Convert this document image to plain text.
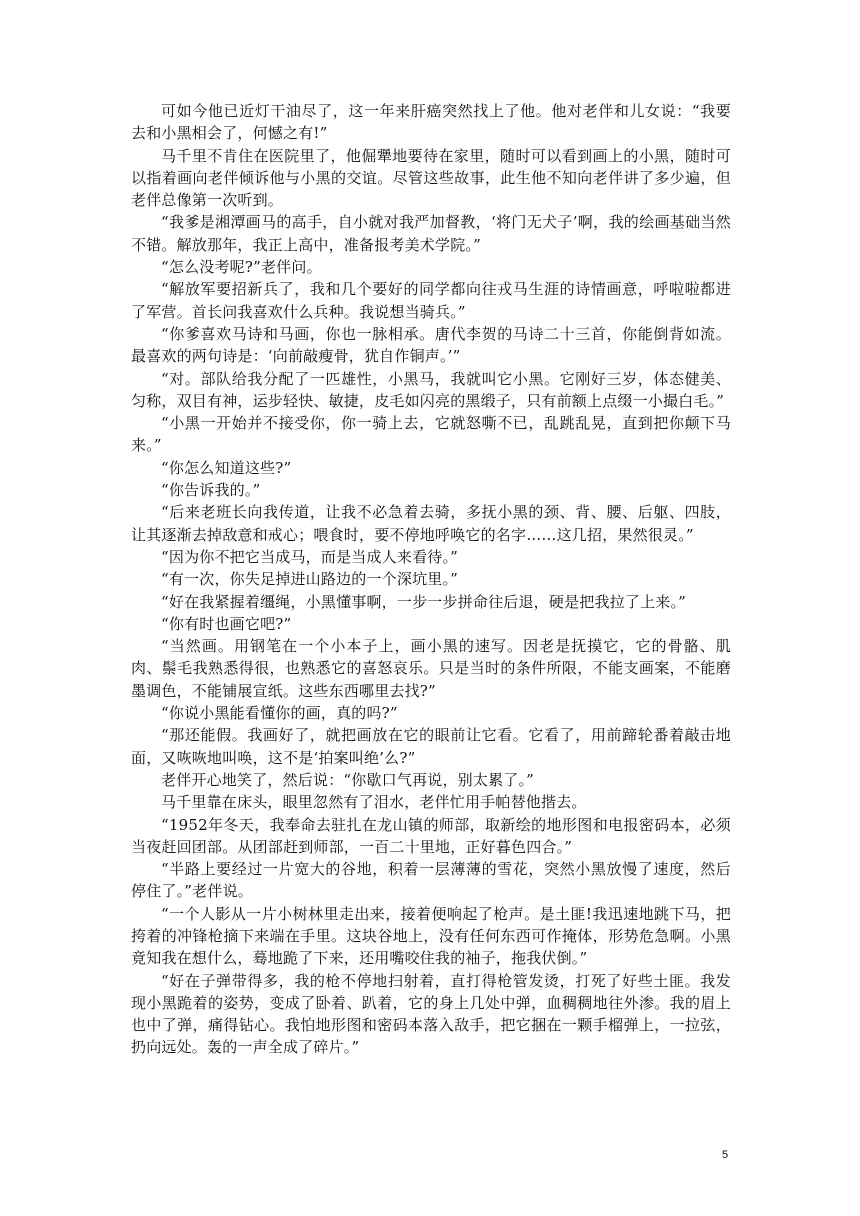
可如今他已近灯干油尽了，这一年来肝癌突然找上了他。他对老伴和儿女说：“我要去和小黑相会了，何憾之有!”

马千里不肯住在医院里了，他倔犟地要待在家里，随时可以看到画上的小黑，随时可以指着画向老伴倾诉他与小黑的交谊。尽管这些故事，此生他不知向老伴讲了多少遍，但老伴总像第一次听到。

“我爹是湘潭画马的高手，自小就对我严加督教，‘将门无犬子’啊，我的绘画基础当然不错。解放那年，我正上高中，准备报考美术学院。”

“怎么没考呢?”老伴问。

“解放军要招新兵了，我和几个要好的同学都向往戎马生涯的诗情画意，呼啦啦都进了军营。首长问我喜欢什么兵种。我说想当骑兵。”

“你爹喜欢马诗和马画，你也一脉相承。唐代李贺的马诗二十三首，你能倒背如流。最喜欢的两句诗是：‘向前敲瘦骨，犹自作铜声。’”

“对。部队给我分配了一匹雄性，小黑马，我就叫它小黑。它刚好三岁，体态健美、匀称，双目有神，运步轻快、敏捷，皮毛如闪亮的黑缎子，只有前额上点缀一小撮白毛。”

“小黑一开始并不接受你，你一骑上去，它就怒嘶不已，乱跳乱晃，直到把你颠下马来。”

“你怎么知道这些?”

“你告诉我的。”

“后来老班长向我传道，让我不必急着去骑，多抚小黑的颈、背、腰、后躯、四肢，让其逐渐去掉敌意和戒心；喂食时，要不停地呼唤它的名字……这几招，果然很灵。”

“因为你不把它当成马，而是当成人来看待。”

“有一次，你失足掉进山路边的一个深坑里。”

“好在我紧握着缰绳，小黑懂事啊，一步一步拼命往后退，硬是把我拉了上来。”

“你有时也画它吧?”

“当然画。用钢笔在一个小本子上，画小黑的速写。因老是抚摸它，它的骨骼、肌肉、鬃毛我熟悉得很，也熟悉它的喜怒哀乐。只是当时的条件所限，不能支画案，不能磨墨调色，不能铺展宣纸。这些东西哪里去找?”

“你说小黑能看懂你的画，真的吗?”

“那还能假。我画好了，就把画放在它的眼前让它看。它看了，用前蹄轮番着敲击地面，又咴咴地叫唤，这不是‘拍案叫绝’么?”

老伴开心地笑了，然后说：“你歇口气再说，别太累了。”

马千里靠在床头，眼里忽然有了泪水，老伴忙用手帕替他揩去。

“1952年冬天，我奉命去驻扎在龙山镇的师部，取新绘的地形图和电报密码本，必须当夜赶回团部。从团部赶到师部，一百二十里地，正好暮色四合。”

“半路上要经过一片宽大的谷地，积着一层薄薄的雪花，突然小黑放慢了速度，然后停住了。”老伴说。

“一个人影从一片小树林里走出来，接着便响起了枪声。是土匪!我迅速地跳下马，把挎着的冲锋枪摘下来端在手里。这块谷地上，没有任何东西可作掩体，形势危急啊。小黑竟知我在想什么，蓦地跪了下来，还用嘴咬住我的袖子，拖我伏倒。”

“好在子弹带得多，我的枪不停地扫射着，直打得枪管发烫，打死了好些土匪。我发现小黑跪着的姿势，变成了卧着、趴着，它的身上几处中弹，血稠稠地往外渗。我的眉上也中了弹，痛得钻心。我怕地形图和密码本落入敌手，把它捆在一颗手榴弹上，一拉弦，扔向远处。轰的一声全成了碎片。”

5
